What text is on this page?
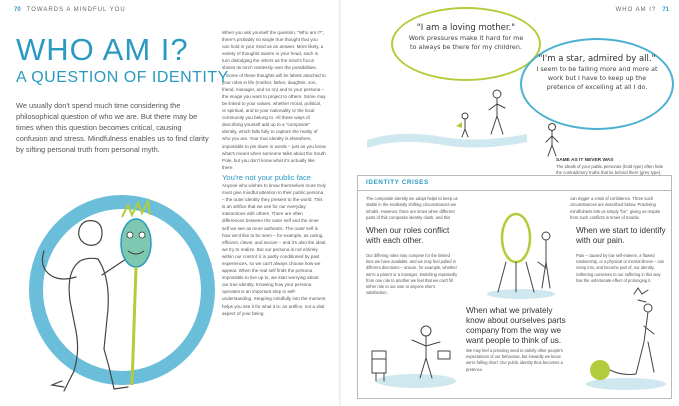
70 TOWARDS A MINDFUL YOU
WHO AM I?
A QUESTION OF IDENTITY

We usually don't spend much time considering the philosophical question of who we are. But there may be times when this question becomes critical, causing confusion and stress. Mindfulness enables us to find clarity by sifting personal truth from personal myth.

When you ask yourself the question, "Who am I?", there's probably no single true thought that you can hold in your mind as an answer. More likely, a variety of thoughts swarm in your head, each in turn dislodging the others as the mind's focus shines its torch restlessly over the possibilities.

Some of these thoughts will be labels attached to your roles in life (mother, father, daughter, son, friend, manager, and so on) and to your persona – the image you want to project to others. Some may be linked to your values, whether moral, political, or spiritual, and to your nationality or the local community you belong to. All these ways of describing yourself add up to a "composite" identity, which falls fully to capture the reality of who you are. Your true identity is elsewhere, impossible to pin down in words – just as you know what's meant when someone talks about the South Pole, but you don't know what it's actually like there.

You're not your public face

Anyone who wishes to know themselves more truly must give mindful attention to their public persona – the outer identity they present to the world. This is an artifice that we use for our everyday interactions with others. There are often differences between the outer self and the inner self we see as more authentic. The outer self is how we'd like to be seen – for example, as caring, efficient, clever, and secure – and it's also the ideal we try to realize. But our persona is not entirely within our control: it is partly conditioned by past experiences, so we can't always choose how we appear. When the real self finds the persona impossible to live up to, we start worrying about our true identity. Knowing how your persona operates is an important step in self-understanding. Stepping mindfully into the moment helps you see it for what it is: an artifice, not a vital aspect of your being.

WHO AM I? 71
"I am a loving mother."
Work pressures make it hard for me to always be there for my children.
"I'm a star, admired by all."
I seem to be failing more and more at work but I have to keep up the pretence of excelling at all I do.
SAME AS IT NEVER WAS
The ideals of your public personas (bold type) often hide the contradictory truths that lie behind them (grey type).
IDENTITY CRISES

The composite identity we adopt helps to keep us stable in the endlessly shifting circumstances we inhabit. However, there are times when different parts of this composite identity clash, and this

can trigger a crisis of confidence. Three such circumstances are described below. Practising mindfulness lets us simply "be", giving us respite from such conflicts in times of trouble.

When our roles conflict with each other.

Our differing roles may compete for the limited time we have available, and we may feel pulled in different directions – unsure, for example, whether we're a parent or a manager. Switching repeatedly from one role to another we feel that we can't fill either role to our own or anyone else's satisfaction.

When what we privately know about ourselves parts company from the way we want people to think of us.

We may feel a pressing need to satisfy other people's expectations of our behaviour, but inwardly we know we're falling short. Our public identity thus becomes a pretence.

When we start to identify with our pain.

Pain – caused by low self-esteem, a flawed relationship, or a physical or mental illness – can creep into, and become part of, our identity. Softening ourselves to our suffering in this way has the unfortunate effect of prolonging it.
